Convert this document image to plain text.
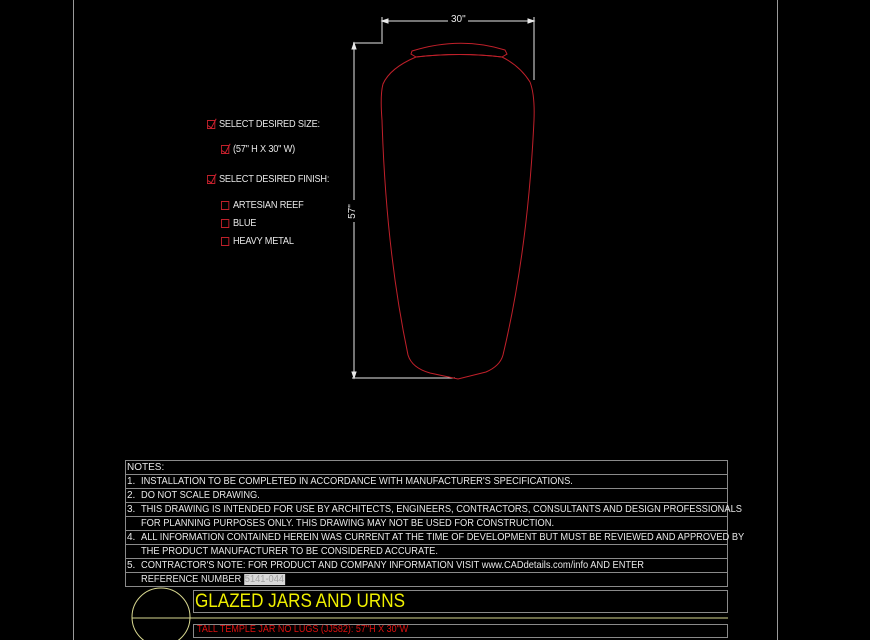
30"
57"
SELECT DESIRED SIZE:
(57" H X 30" W)
SELECT DESIRED FINISH:
ARTESIAN REEF
BLUE
HEAVY METAL
NOTES:
1. INSTALLATION TO BE COMPLETED IN ACCORDANCE WITH MANUFACTURER'S SPECIFICATIONS.
2. DO NOT SCALE DRAWING.
3. THIS DRAWING IS INTENDED FOR USE BY ARCHITECTS, ENGINEERS, CONTRACTORS, CONSULTANTS AND DESIGN PROFESSIONALS
FOR PLANNING PURPOSES ONLY. THIS DRAWING MAY NOT BE USED FOR CONSTRUCTION.
4. ALL INFORMATION CONTAINED HEREIN WAS CURRENT AT THE TIME OF DEVELOPMENT BUT MUST BE REVIEWED AND APPROVED BY
THE PRODUCT MANUFACTURER TO BE CONSIDERED ACCURATE.
5. CONTRACTOR'S NOTE: FOR PRODUCT AND COMPANY INFORMATION VISIT www.CADdetails.com/info AND ENTER
REFERENCE NUMBER 5141-044
GLAZED JARS AND URNS
TALL TEMPLE JAR NO LUGS (JJ582): 57"H X 30"W
